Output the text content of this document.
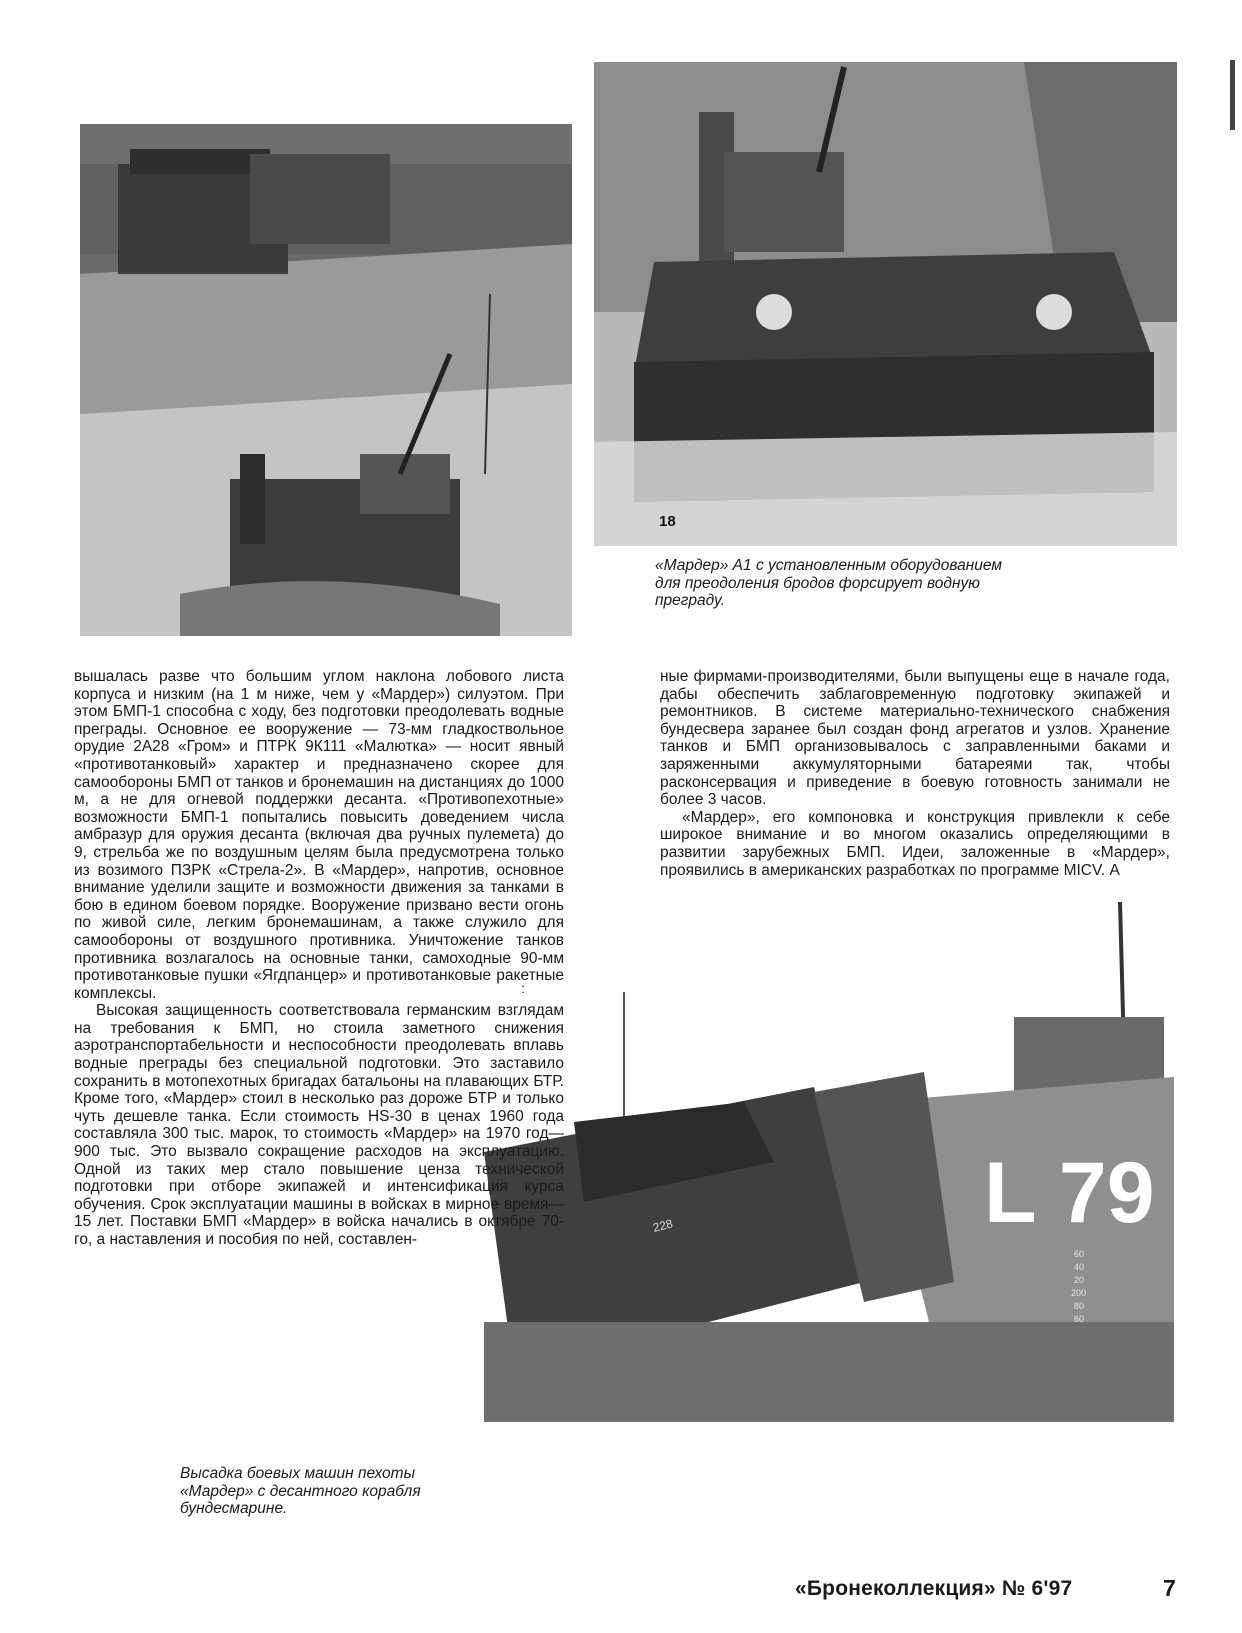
18
L 79
60
40
20
200
80
60
228
«Мардер» А1 с установленным оборудованием для преодоления бродов форсирует водную преграду.

вышалась разве что большим углом наклона лобового листа корпуса и низким (на 1 м ниже, чем у «Мардер») силуэтом. При этом БМП-1 способна с ходу, без подготовки преодолевать водные преграды. Основное ее вооружение — 73-мм гладкоствольное орудие 2А28 «Гром» и ПТРК 9К111 «Малютка» — носит явный «противотанковый» характер и предназначено скорее для самообороны БМП от танков и бронемашин на дистанциях до 1000 м, а не для огневой поддержки десанта. «Противопехотные» возможности БМП-1 попытались повысить доведением числа амбразур для оружия десанта (включая два ручных пулемета) до 9, стрельба же по воздушным целям была предусмотрена только из возимого ПЗРК «Стрела-2». В «Мардер», напротив, основное внимание уделили защите и возможности движения за танками в бою в едином боевом порядке. Вооружение призвано вести огонь по живой силе, легким бронемашинам, а также служило для самообороны от воздушного противника. Уничтожение танков противника возлагалось на основные танки, самоходные 90-мм противотанковые пушки «Ягдпанцер» и противотанковые ракетные комплексы.

Высокая защищенность соответствовала германским взглядам на требования к БМП, но стоила заметного снижения аэротранспортабельности и неспособности преодолевать вплавь водные преграды без специальной подготовки. Это заставило сохранить в мотопехотных бригадах батальоны на плавающих БТР. Кроме того, «Мардер» стоил в несколько раз дороже БТР и только чуть дешевле танка. Если стоимость HS-30 в ценах 1960 года составляла 300 тыс. марок, то стоимость «Мардер» на 1970 год— 900 тыс. Это вызвало сокращение расходов на эксплуатацию. Одной из таких мер стало повышение ценза технической подготовки при отборе экипажей и интенсификация курса обучения. Срок эксплуатации машины в войсках в мирное время— 15 лет. Поставки БМП «Мардер» в войска начались в октябре 70-го, а наставления и пособия по ней, составлен-

ные фирмами-производителями, были выпущены еще в начале года, дабы обеспечить заблаговременную подготовку экипажей и ремонтников. В системе материально-технического снабжения бундесвера заранее был создан фонд агрегатов и узлов. Хранение танков и БМП организовывалось с заправленными баками и заряженными аккумуляторными батареями так, чтобы расконсервация и приведение в боевую готовность занимали не более 3 часов.

«Мардер», его компоновка и конструкция привлекли к себе широкое внимание и во многом оказались определяющими в развитии зарубежных БМП. Идеи, заложенные в «Мардер», проявились в американских разработках по программе MICV. А

:
Высадка боевых машин пехоты «Мардер» с десантного корабля бундесмарине.
«Бронеколлекция» № 6'97	7
